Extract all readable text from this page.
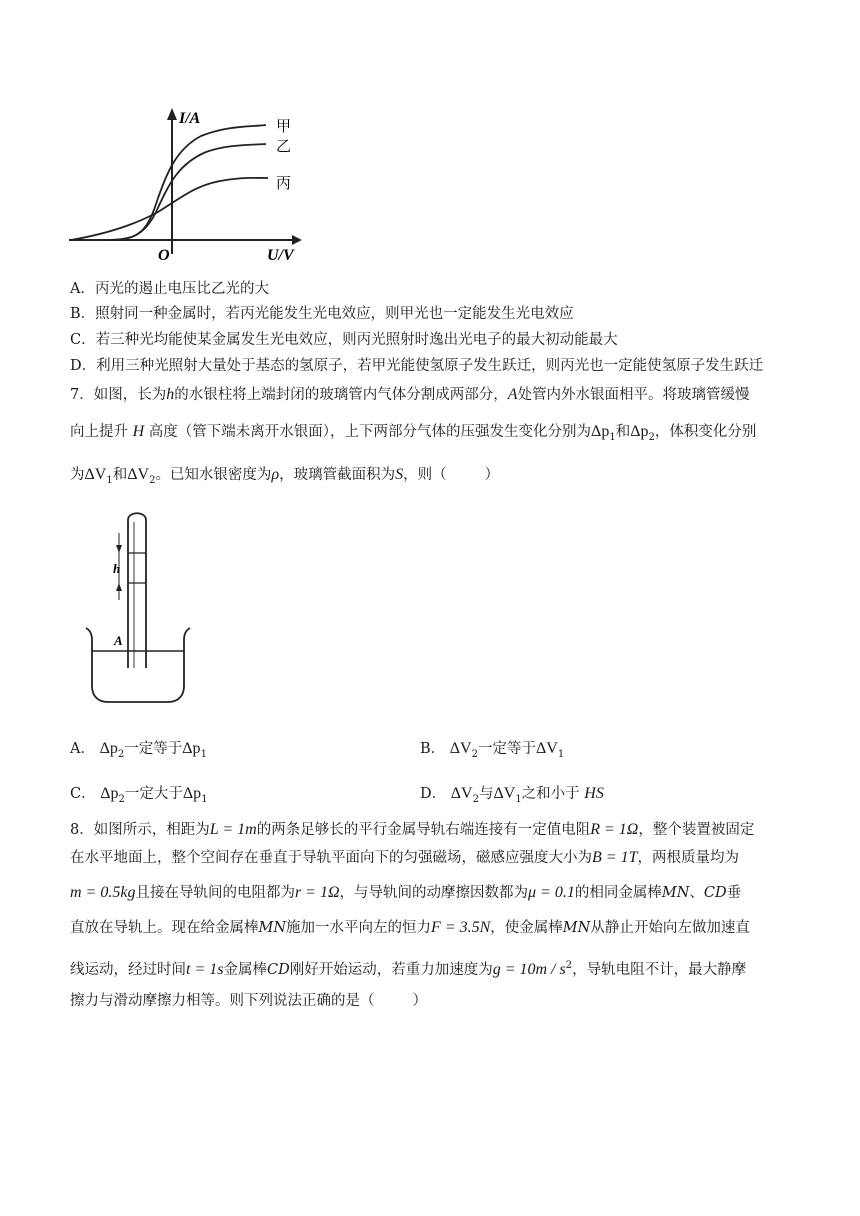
I/A
U/V
O
甲
乙
丙
A．丙光的遏止电压比乙光的大
B．照射同一种金属时，若丙光能发生光电效应，则甲光也一定能发生光电效应
C．若三种光均能使某金属发生光电效应，则丙光照射时逸出光电子的最大初动能最大
D．利用三种光照射大量处于基态的氢原子，若甲光能使氢原子发生跃迁，则丙光也一定能使氢原子发生跃迁
7．如图，长为h的水银柱将上端封闭的玻璃管内气体分割成两部分，A处管内外水银面相平。将玻璃管缓慢
向上提升 H 高度（管下端未离开水银面），上下两部分气体的压强发生变化分别为$\Delta p_1$和$\Delta p_2$，体积变化分别
为$\Delta V_1$和$\Delta V_2$。已知水银密度为ρ，玻璃管截面积为S，则（	）
h
A
A． $\Delta p_2$一定等于$\Delta p_1$	B． $\Delta V_2$一定等于$\Delta V_1$
C． $\Delta p_2$一定大于$\Delta p_1$	D． $\Delta V_2$与$\Delta V_1$之和小于 HS
8．如图所示，相距为L = 1m的两条足够长的平行金属导轨右端连接有一定值电阻R = 1Ω，整个装置被固定
在水平地面上，整个空间存在垂直于导轨平面向下的匀强磁场，磁感应强度大小为B = 1T，两根质量均为
m = 0.5kg且接在导轨间的电阻都为r = 1Ω，与导轨间的动摩擦因数都为μ = 0.1的相同金属棒MN、CD垂
直放在导轨上。现在给金属棒MN施加一水平向左的恒力F = 3.5N，使金属棒MN从静止开始向左做加速直
线运动，经过时间t = 1s金属棒CD刚好开始运动，若重力加速度为$g = 10m / s^2$，导轨电阻不计，最大静摩
擦力与滑动摩擦力相等。则下列说法正确的是（	）
